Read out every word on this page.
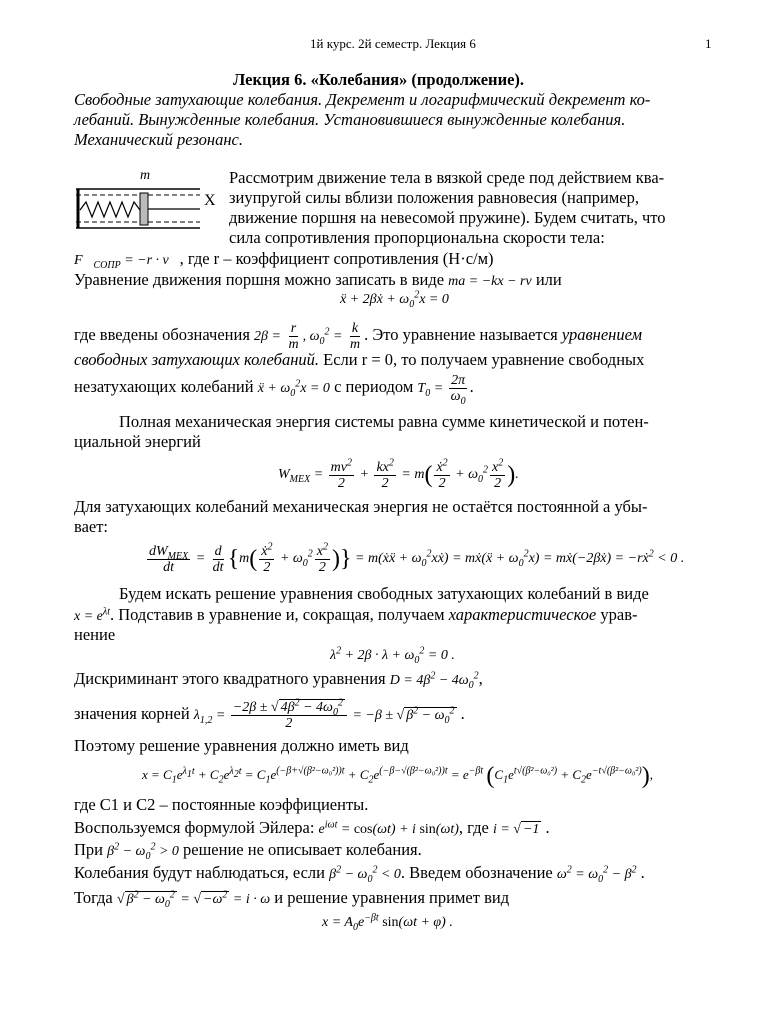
1й курс. 2й семестр. Лекция 6	1
Лекция 6. «Колебания» (продолжение).
Свободные затухающие колебания. Декремент и логарифмический декремент ко-
лебаний. Вынужденные колебания. Установившиеся вынужденные колебания.
Механический резонанс.
m
X
Рассмотрим движение тела в вязкой среде под действием ква-
зиупругой силы вблизи положения равновесия (например,
движение поршня на невесомой пружине). Будем считать, что
сила сопротивления пропорциональна скорости тела:
$F⃗_{СОПР} = -r$ · v⃗, где r – коэффициент сопротивления (Н·с/м)
Уравнение движения поршня можно записать в виде ma = −kx − rv или
ẍ + 2βẋ + $\omega_0^2x = 0$
где введены обозначения $2\beta = \frac{r}{m}$ , $\omega_0^2 = \frac{k}{m}$ . Это уравнение называется уравнением
свободных затухающих колебаний. Если r = 0, то получаем уравнение свободных
незатухающих колебаний ẍ + $\omega_0^2x = 0$ с периодом $T_0 = \frac{2\pi}{\omega_0}$ .
Полная механическая энергия системы равна сумме кинетической и потен-
циальной энергий
$W_{МЕХ} = \frac{mv^2}{2} + \frac{kx^2}{2} = m( \frac{ẋ^2}{2} + \omega_0^2 \frac{x^2}{2}$ ).
Для затухающих колебаний механическая энергия не остаётся постоянной а убы-
вает:
$\frac{dW_{МЕХ}}{dt} = \frac{d}{dt} \{m( \frac{ẋ^2}{2} + \omega_0^2 \frac{x^2}{2}$ )} = m(ẋẍ + $\omega_0^2xẋ$) = mẋ(ẍ + $\omega_0^2x$) = mẋ(−2βẋ) = −rẋ$^2$ < 0 .
Будем искать решение уравнения свободных затухающих колебаний в виде
$x = e^{\lambda t}$. Подставив в уравнение и, сокращая, получаем характеристическое урав-
нение
$\lambda^2 + 2\beta \cdot \lambda + \omega_0^2 = 0$ .
Дискриминант этого квадратного уравнения $D = 4\beta^2 - 4\omega_0^2$,
значения корней $\lambda_{1,2} = \frac{-2\beta \pm √ 4\beta^2 - 4\omega_0^2}{2} = -\beta$ ± √ $\beta^2 - \omega_0^2$ .
Поэтому решение уравнения должно иметь вид
$x = C_1e^{\lambda_1t} + C_2e^{\lambda_2t} = C_1e^{(-\beta+√(\beta^2-\omega_0^2))t} + C_2e^{(-\beta-√(\beta^2-\omega_0^2))t} = e^{-\beta t}$ $(C_1e^{t√(\beta^2-\omega_0^2)} + C_2e^{-t√(\beta^2-\omega_0^2)})$,
где C1 и C2 – постоянные коэффициенты.
Воспользуемся формулой Эйлера: $e^{i\omega t} = \cos(\omega t) + i$ sin(ωt), где i = √ −1 .
При $\beta^2 - \omega_0^2 > 0$ решение не описывает колебания.
Колебания будут наблюдаться, если $\beta^2 - \omega_0^2 < 0$. Введем обозначение $\omega^2 = \omega_0^2 - \beta^2$ .
Тогда √ $\beta^2 - \omega_0^2$ = √ $-\omega^2 = i \cdot \omega$ и решение уравнения примет вид
$x = A_0e^{-\beta t}$ sin(ωt + φ) .
